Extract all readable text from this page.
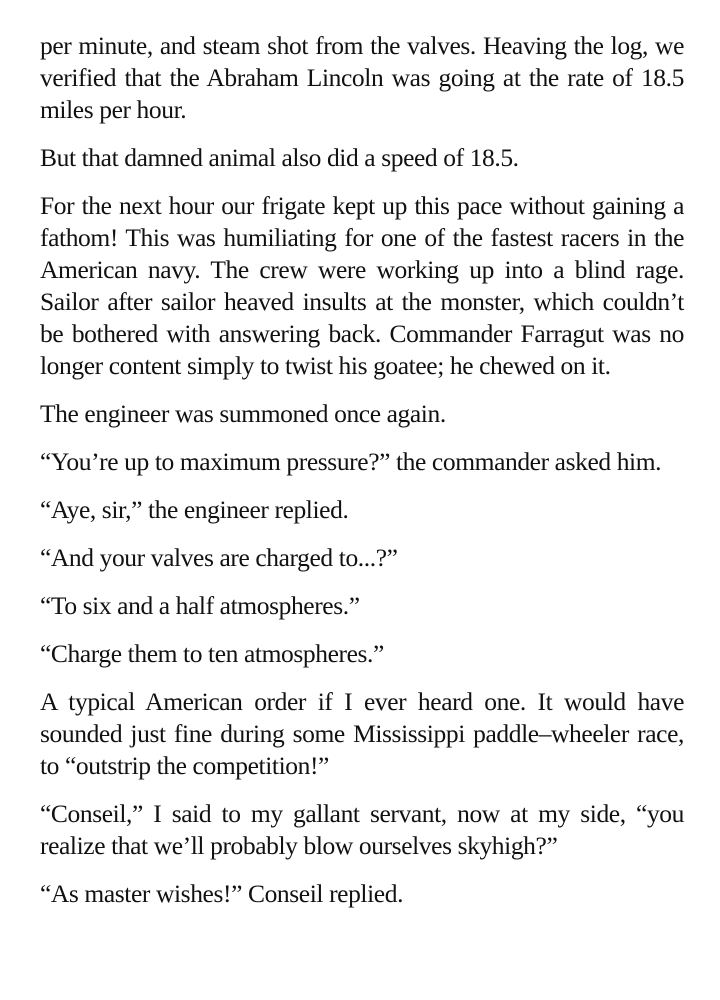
per minute, and steam shot from the valves. Heaving the log, we verified that the Abraham Lincoln was going at the rate of 18.5 miles per hour.

But that damned animal also did a speed of 18.5.

For the next hour our frigate kept up this pace without gaining a fathom! This was humiliating for one of the fastest racers in the American navy. The crew were working up into a blind rage. Sailor after sailor heaved insults at the monster, which couldn’t be bothered with answering back. Commander Farragut was no longer content simply to twist his goatee; he chewed on it.

The engineer was summoned once again.

“You’re up to maximum pressure?” the commander asked him.

“Aye, sir,” the engineer replied.

“And your valves are charged to...?”

“To six and a half atmospheres.”

“Charge them to ten atmospheres.”

A typical American order if I ever heard one. It would have sounded just fine during some Mississippi paddle–wheeler race, to “outstrip the competition!”

“Conseil,” I said to my gallant servant, now at my side, “you realize that we’ll probably blow ourselves skyhigh?”

“As master wishes!” Conseil replied.
